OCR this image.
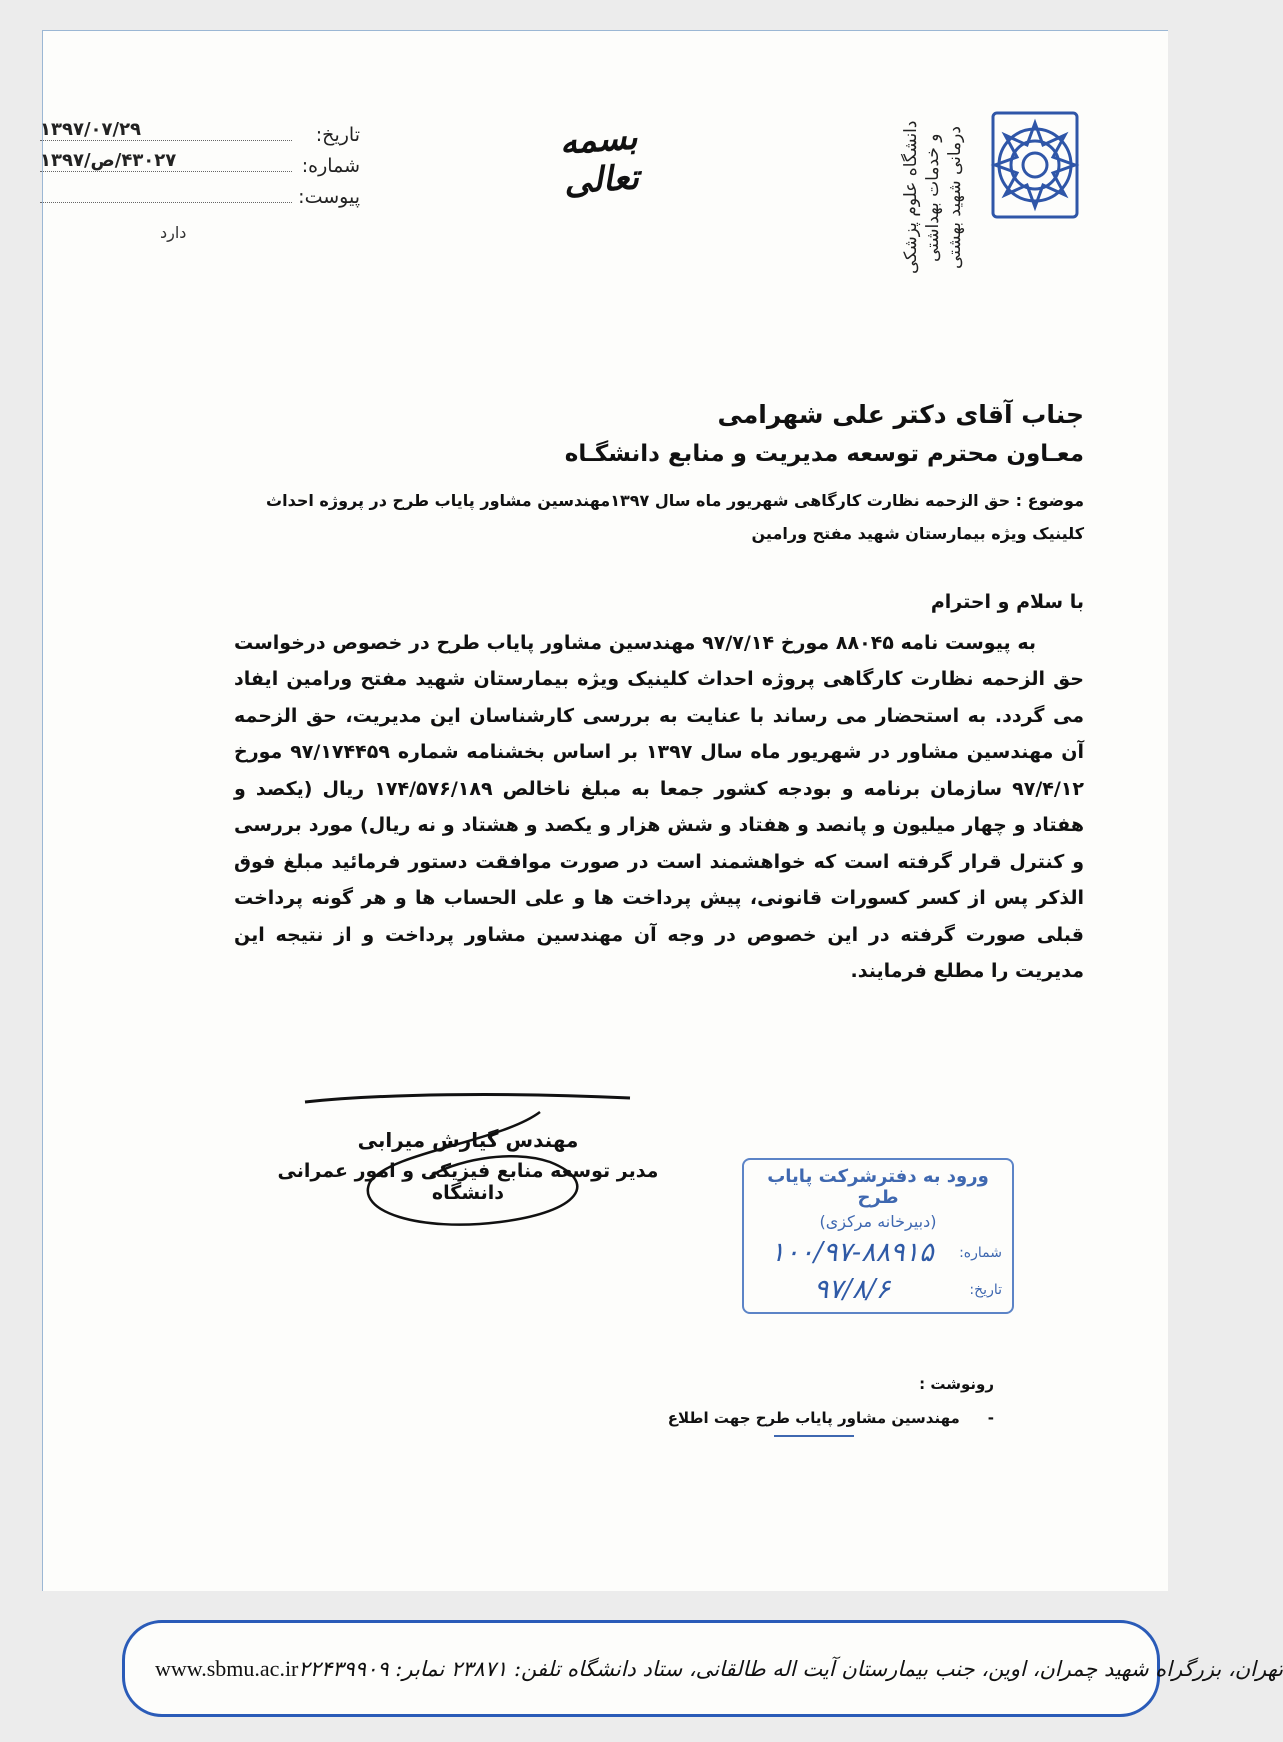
تاریخ:
۱۳۹۷/۰۷/۲۹
شماره:
۴۳۰۲۷/ص/۱۳۹۷
پیوست:
دارد
بسمه تعالی	دانشگاه علوم پزشکی و خدمات بهداشتی درمانی شهید بهشتی
جناب آقای دکتر علی شهرامی
معـاون محترم توسعه مدیریت و منابع دانشگـاه
موضوع : حق الزحمه نظارت کارگاهی شهریور ماه سال ۱۳۹۷مهندسین مشاور پایاب طرح در پروژه احداث کلینیک ویژه بیمارستان شهید مفتح ورامین

با سلام و احترام

به پیوست نامه ۸۸۰۴۵ مورخ ۹۷/۷/۱۴ مهندسین مشاور پایاب طرح در خصوص درخواست حق الزحمه نظارت کارگاهی پروژه احداث کلینیک ویژه بیمارستان شهید مفتح ورامین ایفاد می گردد. به استحضار می رساند با عنایت به بررسی کارشناسان این مدیریت، حق الزحمه آن مهندسین مشاور در شهریور ماه سال ۱۳۹۷ بر اساس بخشنامه شماره ۹۷/۱۷۴۴۵۹ مورخ ۹۷/۴/۱۲ سازمان برنامه و بودجه کشور جمعا به مبلغ ناخالص ۱۷۴/۵۷۶/۱۸۹ ریال (یکصد و هفتاد و چهار میلیون و پانصد و هفتاد و شش هزار و یکصد و هشتاد و نه ریال) مورد بررسی و کنترل قرار گرفته است که خواهشمند است در صورت موافقت دستور فرمائید مبلغ فوق الذکر پس از کسر کسورات قانونی، پیش پرداخت ها و علی الحساب ها و هر گونه پرداخت قبلی صورت گرفته در این خصوص در وجه آن مهندسین مشاور پرداخت و از نتیجه این مدیریت را مطلع فرمایند.

مهندس گیارش میرابی
مدیر توسعه منابع فیزیکی و امور عمرانی دانشگاه
ورود به دفترشرکت پایاب طرح
(دبیرخانه مرکزی)
شماره:
۱۰۰/۹۷-۸۸۹۱۵
تاریخ:
۹۷/۸/۶
رونوشت :
-
مهندسین مشاور پایاب طرح جهت اطلاع
www.sbmu.ac.ir تهران، بزرگراه شهید چمران، اوین، جنب بیمارستان آیت اله طالقانی، ستاد دانشگاه تلفن: ۲۳۸۷۱ نمابر: ۲۲۴۳۹۹۰۹
